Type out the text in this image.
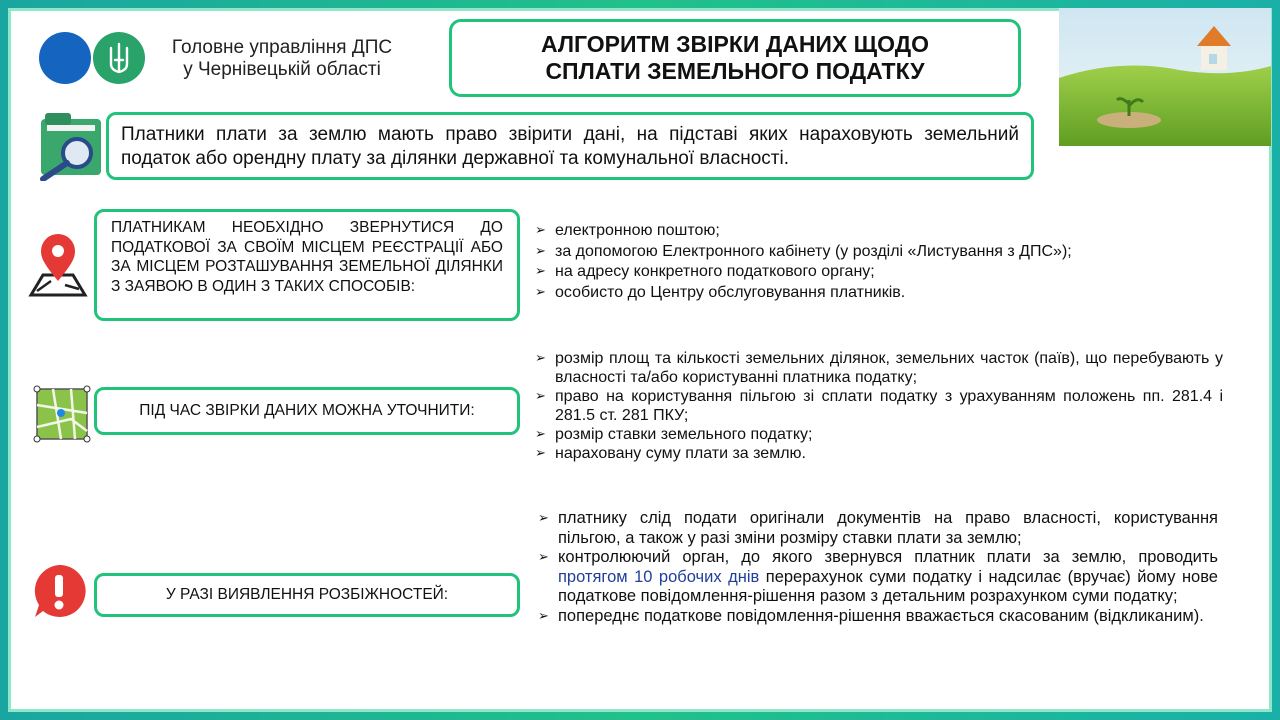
Головне управління ДПС
у Чернівецькій області
АЛГОРИТМ ЗВІРКИ ДАНИХ ЩОДО
СПЛАТИ ЗЕМЕЛЬНОГО ПОДАТКУ
Платники плати за землю мають право звірити дані, на підставі яких нараховують земельний податок або орендну плату за ділянки державної та комунальної власності.
ПЛАТНИКАМ НЕОБХІДНО ЗВЕРНУТИСЯ ДО ПОДАТКОВОЇ ЗА СВОЇМ МІСЦЕМ РЕЄСТРАЦІЇ АБО ЗА МІСЦЕМ РОЗТАШУВАННЯ ЗЕМЕЛЬНОЇ ДІЛЯНКИ З ЗАЯВОЮ В ОДИН З ТАКИХ СПОСОБІВ:
➢ електронною поштою;
➢ за допомогою Електронного кабінету (у розділі «Листування з ДПС»);
➢ на адресу конкретного податкового органу;
➢ особисто до Центру обслуговування платників.
ПІД ЧАС ЗВІРКИ ДАНИХ МОЖНА УТОЧНИТИ:
➢ розмір площ та кількості земельних ділянок, земельних часток (паїв), що перебувають у власності та/або користуванні платника податку;
➢ право на користування пільгою зі сплати податку з урахуванням положень пп. 281.4 і 281.5 ст. 281 ПКУ;
➢ розмір ставки земельного податку;
➢ нараховану суму плати за землю.
У РАЗІ ВИЯВЛЕННЯ РОЗБІЖНОСТЕЙ:
➢ платнику слід подати оригінали документів на право власності, користування пільгою, а також у разі зміни розміру ставки плати за землю;
➢ контролюючий орган, до якого звернувся платник плати за землю, проводить протягом 10 робочих днів перерахунок суми податку і надсилає (вручає) йому нове податкове повідомлення-рішення разом з детальним розрахунком суми податку;
➢ попереднє податкове повідомлення-рішення вважається скасованим (відкликаним).
